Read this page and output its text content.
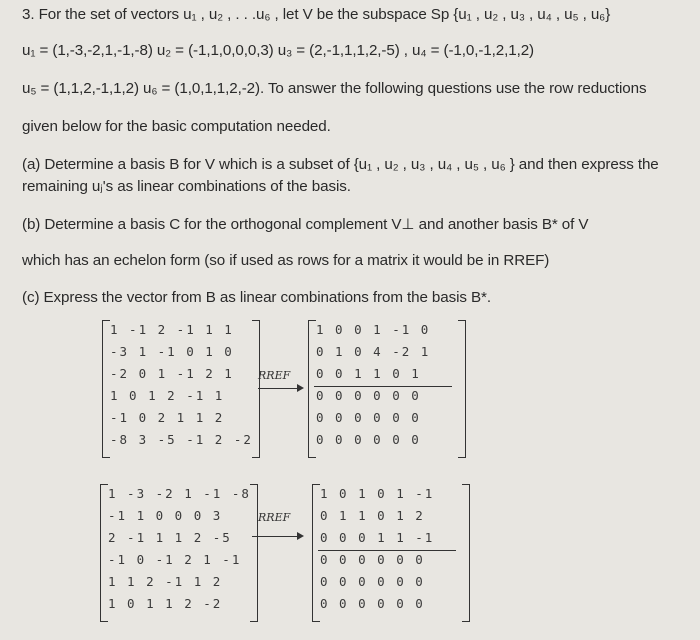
3. For the set of vectors u₁ , u₂ , . . .u₆ , let V be the subspace Sp {u₁ , u₂ , u₃ , u₄ , u₅ , u₆}
u₁ = (1,-3,-2,1,-1,-8) u₂ = (-1,1,0,0,0,3) u₃ = (2,-1,1,1,2,-5) , u₄ = (-1,0,-1,2,1,2)
u₅ = (1,1,2,-1,1,2) u₆ = (1,0,1,1,2,-2). To answer the following questions use the row reductions
given below for the basic computation needed.
(a) Determine a basis B for V which is a subset of {u₁ , u₂ , u₃ , u₄ , u₅ , u₆ } and then express the
remaining uⱼ's as linear combinations of the basis.
(b) Determine a basis C for the orthogonal complement V⊥ and another basis B* of V
which has an echelon form (so if used as rows for a matrix it would be in RREF)
(c) Express the vector from B as linear combinations from the basis B*.
1 -1 2 -1 1 1
-3 1 -1 0 1 0
-2 0 1 -1 2 1
1 0 1 2 -1 1
-1 0 2 1 1 2
-8 3 -5 -1 2 -2
RREF
1 0 0 1 -1 0
0 1 0 4 -2 1
0 0 1 1 0 1
0 0 0 0 0 0
0 0 0 0 0 0
0 0 0 0 0 0
1 -3 -2 1 -1 -8
-1 1 0 0 0 3
2 -1 1 1 2 -5
-1 0 -1 2 1 -1
1 1 2 -1 1 2
1 0 1 1 2 -2
RREF
1 0 1 0 1 -1
0 1 1 0 1 2
0 0 0 1 1 -1
0 0 0 0 0 0
0 0 0 0 0 0
0 0 0 0 0 0
